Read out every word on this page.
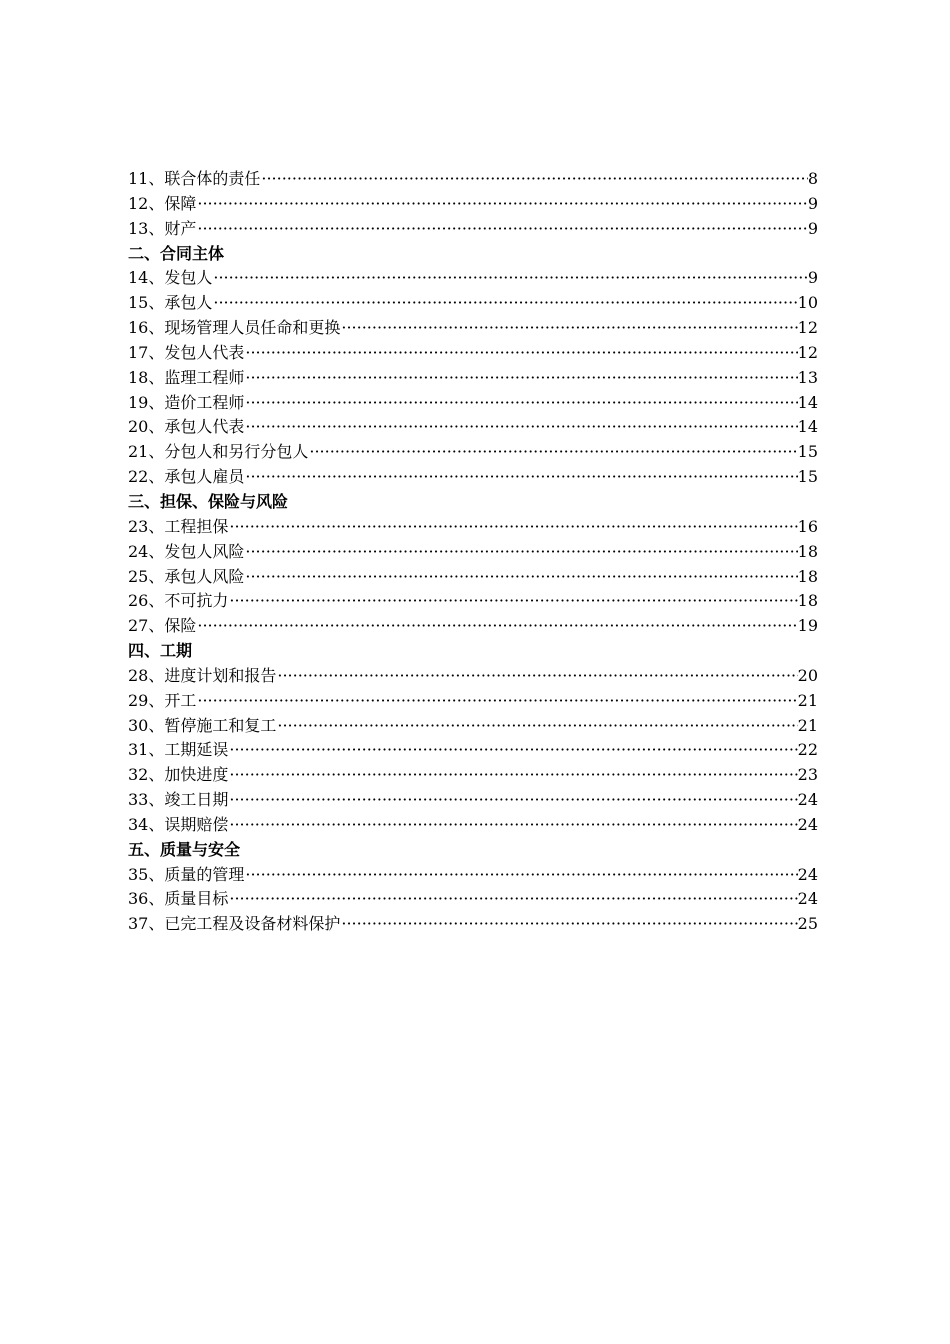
11、联合体的责任 ·····	8
12、保障 ·····	9
13、财产 ·····	9
二、合同主体
14、发包人 ·····	9
15、承包人 ·····	10
16、现场管理人员任命和更换 ·····	12
17、发包人代表 ·····	12
18、监理工程师 ·····	13
19、造价工程师 ·····	14
20、承包人代表 ·····	14
21、分包人和另行分包人 ·····	15
22、承包人雇员 ·····	15
三、担保、保险与风险
23、工程担保 ·····	16
24、发包人风险 ·····	18
25、承包人风险 ·····	18
26、不可抗力 ·····	18
27、保险 ·····	19
四、工期
28、进度计划和报告 ·····	20
29、开工 ·····	21
30、暂停施工和复工 ·····	21
31、工期延误 ·····	22
32、加快进度 ·····	23
33、竣工日期 ·····	24
34、误期赔偿 ·····	24
五、质量与安全
35、质量的管理 ·····	24
36、质量目标 ·····	24
37、已完工程及设备材料保护 ·····	25
